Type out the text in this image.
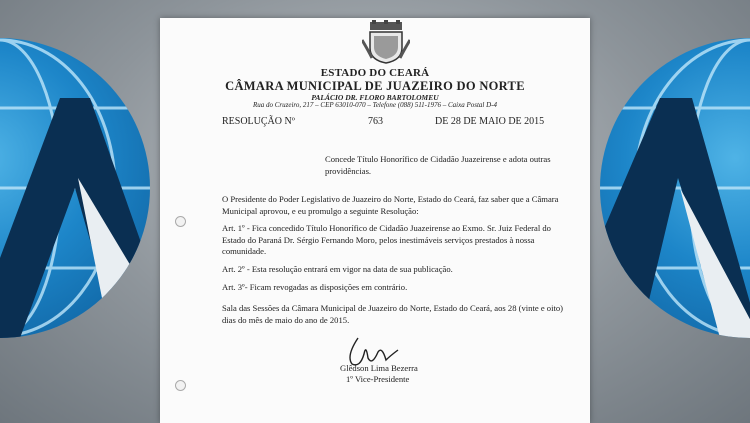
ESTADO DO CEARÁ
CÂMARA MUNICIPAL DE JUAZEIRO DO NORTE
PALÁCIO DR. FLORO BARTOLOMEU
Rua do Cruzeiro, 217 – CEP 63010-070 – Telefone (088) 511-1976 – Caixa Postal D-4
RESOLUÇÃO Nº	763	DE 28 DE MAIO DE 2015
Concede Título Honorífico de Cidadão Juazeirense e adota outras providências.
O Presidente do Poder Legislativo de Juazeiro do Norte, Estado do Ceará, faz saber que a Câmara Municipal aprovou, e eu promulgo a seguinte Resolução:
Art. 1º - Fica concedido Título Honorífico de Cidadão Juazeirense ao Exmo. Sr. Juiz Federal do Estado do Paraná Dr. Sérgio Fernando Moro, pelos inestimáveis serviços prestados à nossa comunidade.
Art. 2º - Esta resolução entrará em vigor na data de sua publicação.
Art. 3º- Ficam revogadas as disposições em contrário.
Sala das Sessões da Câmara Municipal de Juazeiro do Norte, Estado do Ceará, aos 28 (vinte e oito) dias do mês de maio do ano de 2015.
Glêdson Lima Bezerra
1º Vice-Presidente
